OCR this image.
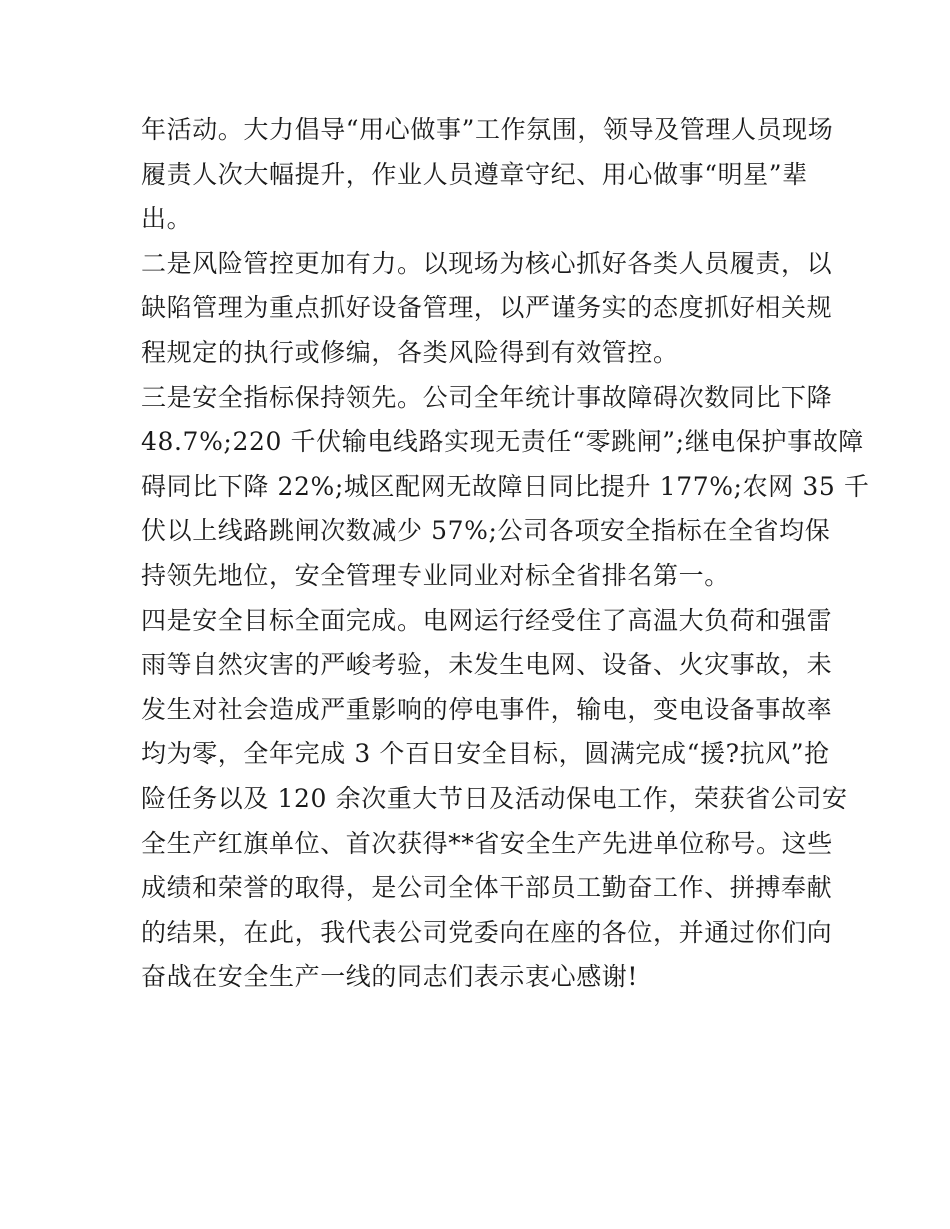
年活动。大力倡导“用心做事”工作氛围，领导及管理人员现场
履责人次大幅提升，作业人员遵章守纪、用心做事“明星”辈
出。
二是风险管控更加有力。以现场为核心抓好各类人员履责，以
缺陷管理为重点抓好设备管理，以严谨务实的态度抓好相关规
程规定的执行或修编，各类风险得到有效管控。
三是安全指标保持领先。公司全年统计事故障碍次数同比下降
48.7%;220 千伏输电线路实现无责任“零跳闸”;继电保护事故障
碍同比下降 22%;城区配网无故障日同比提升 177%;农网 35 千
伏以上线路跳闸次数减少 57%;公司各项安全指标在全省均保
持领先地位，安全管理专业同业对标全省排名第一。
四是安全目标全面完成。电网运行经受住了高温大负荷和强雷
雨等自然灾害的严峻考验，未发生电网、设备、火灾事故，未
发生对社会造成严重影响的停电事件，输电，变电设备事故率
均为零，全年完成 3 个百日安全目标，圆满完成“援?抗风”抢
险任务以及 120 余次重大节日及活动保电工作，荣获省公司安
全生产红旗单位、首次获得**省安全生产先进单位称号。这些
成绩和荣誉的取得，是公司全体干部员工勤奋工作、拼搏奉献
的结果，在此，我代表公司党委向在座的各位，并通过你们向
奋战在安全生产一线的同志们表示衷心感谢!
